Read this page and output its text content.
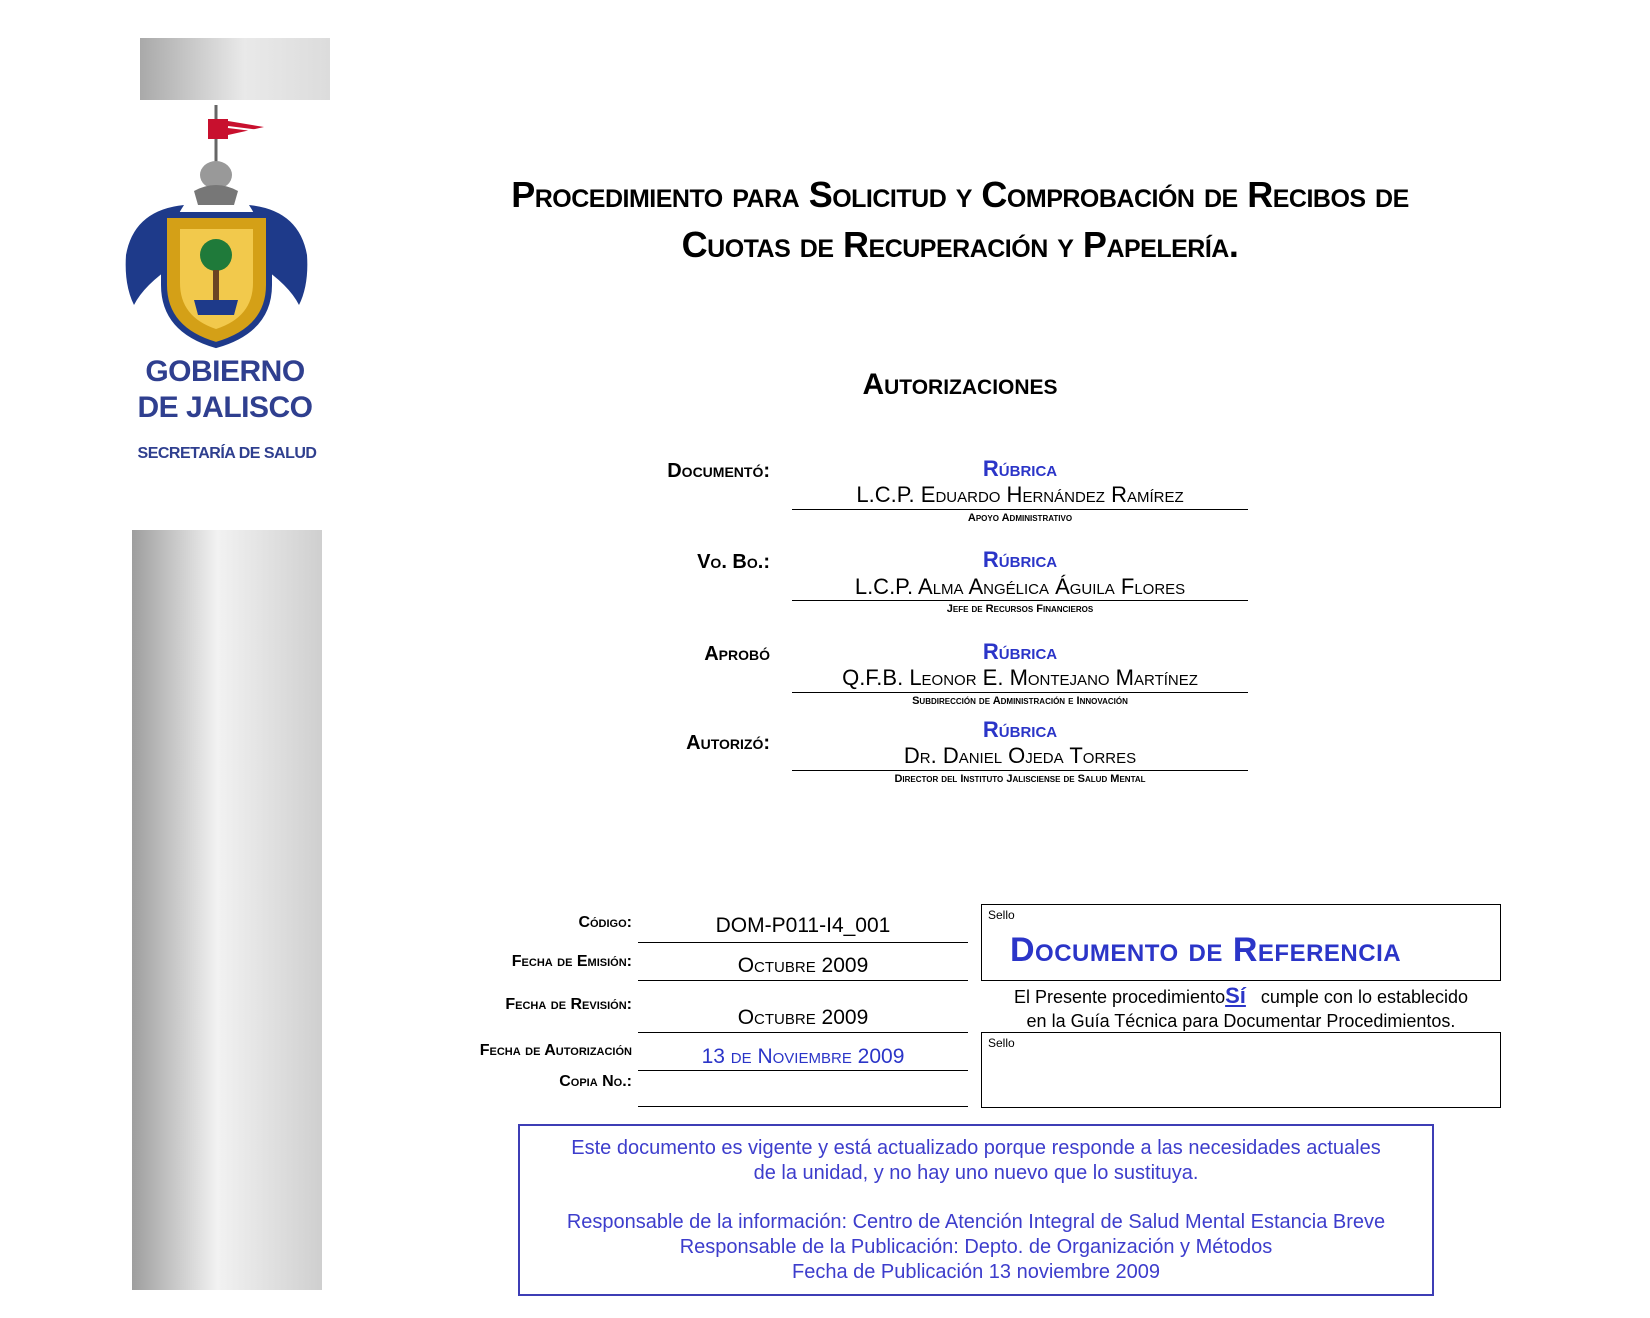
GOBIERNO
DE JALISCO
SECRETARÍA DE SALUD
Procedimiento para Solicitud y Comprobación de Recibos de
Cuotas de Recuperación y Papelería.
Autorizaciones
Documentó:	Rúbrica
L.C.P. Eduardo Hernández Ramírez
Apoyo Administrativo
Vo. Bo.:	Rúbrica
L.C.P. Alma Angélica Águila Flores
Jefe de Recursos Financieros
Aprobó	Rúbrica
Q.F.B. Leonor E. Montejano Martínez
Subdirección de Administración e Innovación
Autorizó:
Rúbrica
Dr. Daniel Ojeda Torres
Director del Instituto Jalisciense de Salud Mental
Código:	DOM-P011-I4_001
Fecha de Emisión:	Octubre 2009
Fecha de Revisión:
Octubre 2009
Fecha de Autorización	13 de Noviembre 2009
Copia No.:
Sello
Documento de Referencia
El Presente procedimientoSí cumple con lo establecido
en la Guía Técnica para Documentar Procedimientos.
Sello
Este documento es vigente y está actualizado porque responde a las necesidades actuales
de la unidad, y no hay uno nuevo que lo sustituya.
Responsable de la información: Centro de Atención Integral de Salud Mental Estancia Breve
Responsable de la Publicación: Depto. de Organización y Métodos
Fecha de Publicación 13 noviembre 2009
